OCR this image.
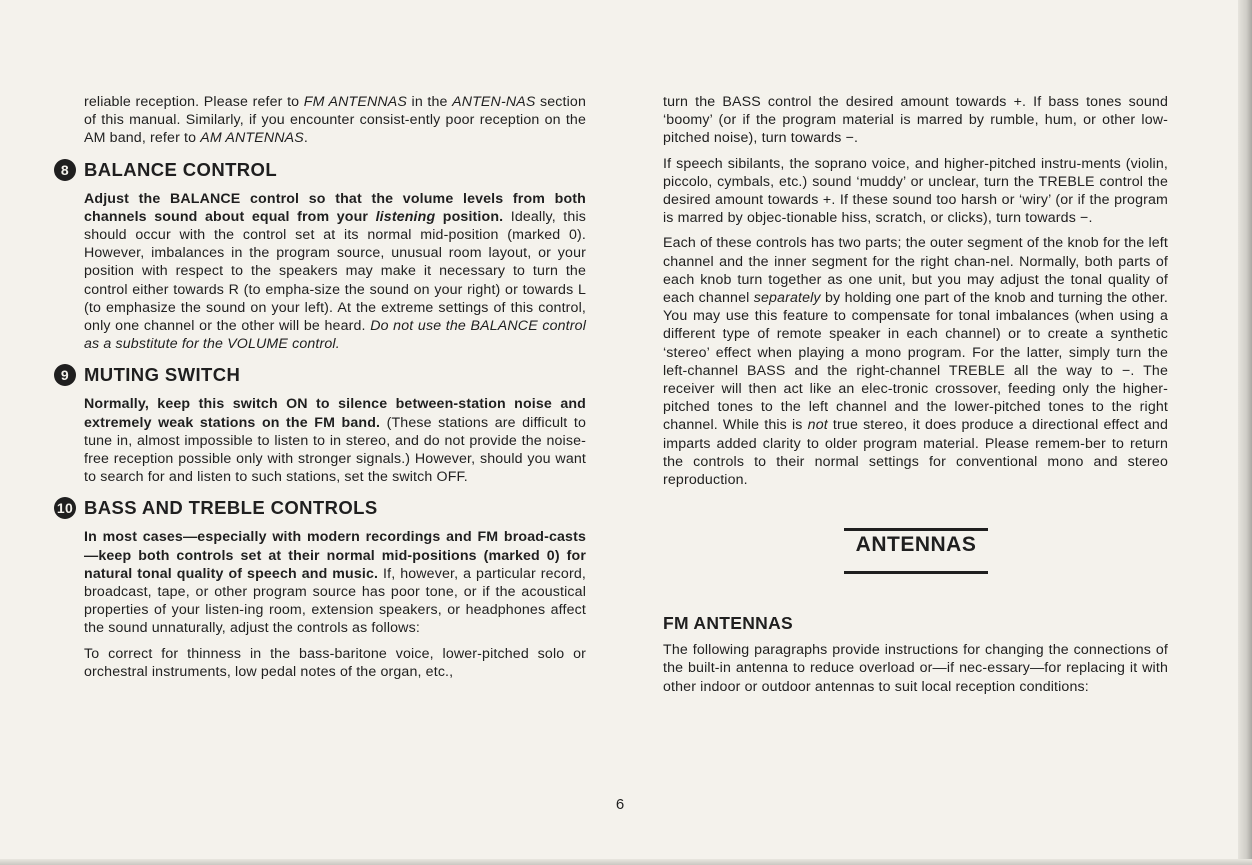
reliable reception. Please refer to FM ANTENNAS in the ANTEN-NAS section of this manual. Similarly, if you encounter consist-ently poor reception on the AM band, refer to AM ANTENNAS.

8 BALANCE CONTROL

Adjust the BALANCE control so that the volume levels from both channels sound about equal from your listening position. Ideally, this should occur with the control set at its normal mid-position (marked 0). However, imbalances in the program source, unusual room layout, or your position with respect to the speakers may make it necessary to turn the control either towards R (to empha-size the sound on your right) or towards L (to emphasize the sound on your left). At the extreme settings of this control, only one channel or the other will be heard. Do not use the BALANCE control as a substitute for the VOLUME control.

9 MUTING SWITCH

Normally, keep this switch ON to silence between-station noise and extremely weak stations on the FM band. (These stations are difficult to tune in, almost impossible to listen to in stereo, and do not provide the noise-free reception possible only with stronger signals.) However, should you want to search for and listen to such stations, set the switch OFF.

10 BASS AND TREBLE CONTROLS

In most cases—especially with modern recordings and FM broad-casts—keep both controls set at their normal mid-positions (marked 0) for natural tonal quality of speech and music. If, however, a particular record, broadcast, tape, or other program source has poor tone, or if the acoustical properties of your listen-ing room, extension speakers, or headphones affect the sound unnaturally, adjust the controls as follows:

To correct for thinness in the bass-baritone voice, lower-pitched solo or orchestral instruments, low pedal notes of the organ, etc.,

turn the BASS control the desired amount towards +. If bass tones sound ‘boomy’ (or if the program material is marred by rumble, hum, or other low-pitched noise), turn towards −.

If speech sibilants, the soprano voice, and higher-pitched instru-ments (violin, piccolo, cymbals, etc.) sound ‘muddy’ or unclear, turn the TREBLE control the desired amount towards +. If these sound too harsh or ‘wiry’ (or if the program is marred by objec-tionable hiss, scratch, or clicks), turn towards −.

Each of these controls has two parts; the outer segment of the knob for the left channel and the inner segment for the right chan-nel. Normally, both parts of each knob turn together as one unit, but you may adjust the tonal quality of each channel separately by holding one part of the knob and turning the other. You may use this feature to compensate for tonal imbalances (when using a different type of remote speaker in each channel) or to create a synthetic ‘stereo’ effect when playing a mono program. For the latter, simply turn the left-channel BASS and the right-channel TREBLE all the way to −. The receiver will then act like an elec-tronic crossover, feeding only the higher-pitched tones to the left channel and the lower-pitched tones to the right channel. While this is not true stereo, it does produce a directional effect and imparts added clarity to older program material. Please remem-ber to return the controls to their normal settings for conventional mono and stereo reproduction.

ANTENNAS
FM ANTENNAS

The following paragraphs provide instructions for changing the connections of the built-in antenna to reduce overload or—if nec-essary—for replacing it with other indoor or outdoor antennas to suit local reception conditions:

6
